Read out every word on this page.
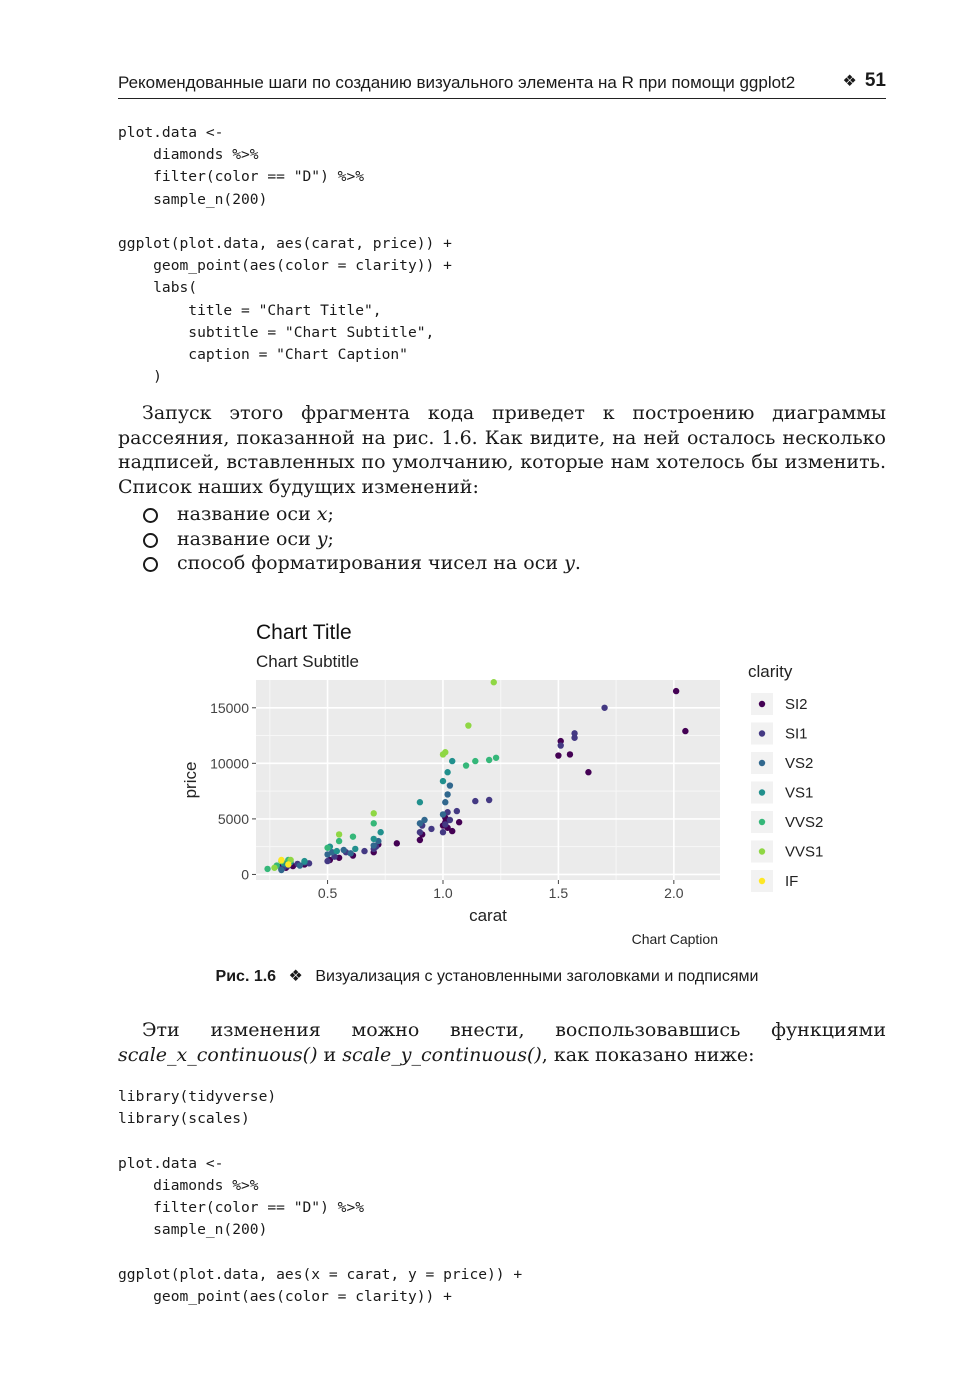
Рекомендованные шаги по созданию визуального элемента на R при помощи ggplot2	❖ 51
plot.data <-
diamonds %>%
filter(color == "D") %>%
sample_n(200)

ggplot(plot.data, aes(carat, price)) +
geom_point(aes(color = clarity)) +
labs(
title = "Chart Title",
subtitle = "Chart Subtitle",
caption = "Chart Caption"
)
Запуск этого фрагмента кода приведет к построению диаграммы рассеяния, показанной на рис. 1.6. Как видите, на ней осталось несколько надписей, вставленных по умолчанию, которые нам хотелось бы изменить. Список наших будущих изменений:
название оси x;
название оси y;
способ форматирования чисел на оси y.
Chart Title
Chart Subtitle
0.5	1.0	1.5	2.0
0
5000
10000
15000
carat
price
Chart Caption
clarity
SI2
SI1
VS2
VS1
VVS2
VVS1
IF
Рис. 1.6 ❖ Визуализация с установленными заголовками и подписями
Эти изменения можно внести, воспользовавшись функциями scale_x_continuous() и scale_y_continuous(), как показано ниже:
library(tidyverse)
library(scales)

plot.data <-
diamonds %>%
filter(color == "D") %>%
sample_n(200)

ggplot(plot.data, aes(x = carat, y = price)) +
geom_point(aes(color = clarity)) +
